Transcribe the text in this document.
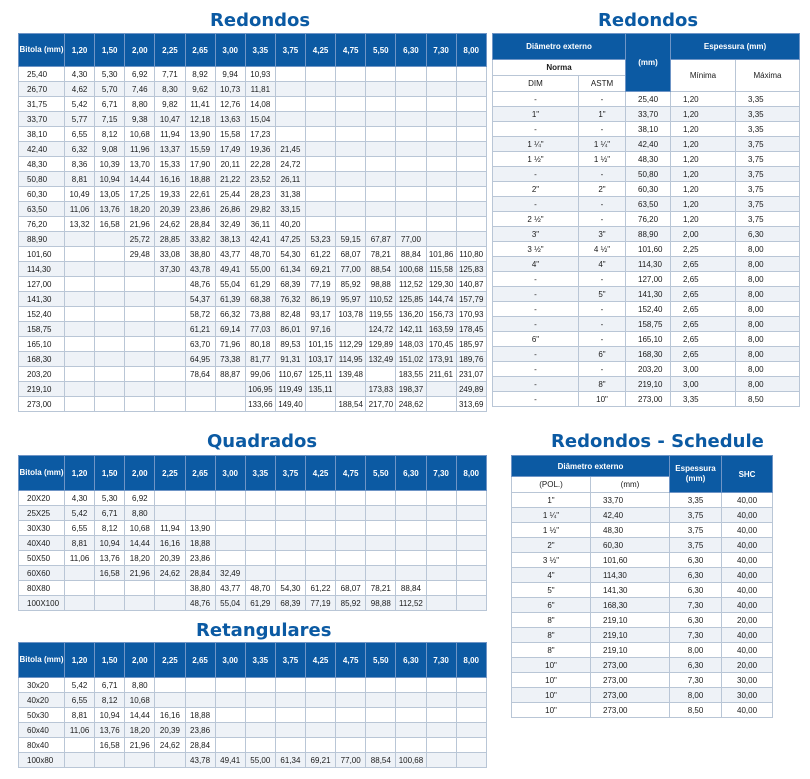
Redondos	Redondos
Quadrados
Retangulares
Redondos - Schedule
Bitola (mm)	1,20	1,50	2,00	2,25	2,65	3,00	3,35	3,75	4,25	4,75	5,50	6,30	7,30	8,00
25,40	4,30	5,30	6,92	7,71	8,92	9,94	10,93							
26,70	4,62	5,70	7,46	8,30	9,62	10,73	11,81							
31,75	5,42	6,71	8,80	9,82	11,41	12,76	14,08							
33,70	5,77	7,15	9,38	10,47	12,18	13,63	15,04							
38,10	6,55	8,12	10,68	11,94	13,90	15,58	17,23							
42,40	6,32	9,08	11,96	13,37	15,59	17,49	19,36	21,45						
48,30	8,36	10,39	13,70	15,33	17,90	20,11	22,28	24,72						
50,80	8,81	10,94	14,44	16,16	18,88	21,22	23,52	26,11						
60,30	10,49	13,05	17,25	19,33	22,61	25,44	28,23	31,38						
63,50	11,06	13,76	18,20	20,39	23,86	26,86	29,82	33,15						
76,20	13,32	16,58	21,96	24,62	28,84	32,49	36,11	40,20						
88,90			25,72	28,85	33,82	38,13	42,41	47,25	53,23	59,15	67,87	77,00		
101,60			29,48	33,08	38,80	43,77	48,70	54,30	61,22	68,07	78,21	88,84	101,86	110,80
114,30				37,30	43,78	49,41	55,00	61,34	69,21	77,00	88,54	100,68	115,58	125,83
127,00					48,76	55,04	61,29	68,39	77,19	85,92	98,88	112,52	129,30	140,87
141,30					54,37	61,39	68,38	76,32	86,19	95,97	110,52	125,85	144,74	157,79
152,40					58,72	66,32	73,88	82,48	93,17	103,78	119,55	136,20	156,73	170,93
158,75					61,21	69,14	77,03	86,01	97,16		124,72	142,11	163,59	178,45
165,10					63,70	71,96	80,18	89,53	101,15	112,29	129,89	148,03	170,45	185,97
168,30					64,95	73,38	81,77	91,31	103,17	114,95	132,49	151,02	173,91	189,76
203,20					78,64	88,87	99,06	110,67	125,11	139,48		183,55	211,61	231,07
219,10							106,95	119,49	135,11		173,83	198,37		249,89
273,00							133,66	149,40		188,54	217,70	248,62		313,69
Diâmetro externo		(mm)	Espessura (mm)	
Norma			Mínima	Máxima
DIM	ASTM			
-	-	25,40	1,20	3,35
1"	1"	33,70	1,20	3,35
-	-	38,10	1,20	3,35
1 ¼"	1 ¼"	42,40	1,20	3,75
1 ½"	1 ½"	48,30	1,20	3,75
-	-	50,80	1,20	3,75
2"	2"	60,30	1,20	3,75
-	-	63,50	1,20	3,75
2 ½"	-	76,20	1,20	3,75
3"	3"	88,90	2,00	6,30
3 ½"	4 ½"	101,60	2,25	8,00
4"	4"	114,30	2,65	8,00
-	-	127,00	2,65	8,00
-	5"	141,30	2,65	8,00
-	-	152,40	2,65	8,00
-	-	158,75	2,65	8,00
6"	-	165,10	2,65	8,00
-	6"	168,30	2,65	8,00
-	-	203,20	3,00	8,00
-	8"	219,10	3,00	8,00
-	10"	273,00	3,35	8,50
Bitola (mm)	1,20	1,50	2,00	2,25	2,65	3,00	3,35	3,75	4,25	4,75	5,50	6,30	7,30	8,00
20X20	4,30	5,30	6,92											
25X25	5,42	6,71	8,80											
30X30	6,55	8,12	10,68	11,94	13,90									
40X40	8,81	10,94	14,44	16,16	18,88									
50X50	11,06	13,76	18,20	20,39	23,86									
60X60		16,58	21,96	24,62	28,84	32,49								
80X80					38,80	43,77	48,70	54,30	61,22	68,07	78,21	88,84		
100X100					48,76	55,04	61,29	68,39	77,19	85,92	98,88	112,52		
Bitola (mm)	1,20	1,50	2,00	2,25	2,65	3,00	3,35	3,75	4,25	4,75	5,50	6,30	7,30	8,00
30x20	5,42	6,71	8,80											
40x20	6,55	8,12	10,68											
50x30	8,81	10,94	14,44	16,16	18,88									
60x40	11,06	13,76	18,20	20,39	23,86									
80x40		16,58	21,96	24,62	28,84									
100x80					43,78	49,41	55,00	61,34	69,21	77,00	88,54	100,68		
Diâmetro externo		Espessura (mm)	SHC
(POL.)	(mm)		
1"	33,70	3,35	40,00
1 ¼"	42,40	3,75	40,00
1 ½"	48,30	3,75	40,00
2"	60,30	3,75	40,00
3 ½"	101,60	6,30	40,00
4"	114,30	6,30	40,00
5"	141,30	6,30	40,00
6"	168,30	7,30	40,00
8"	219,10	6,30	20,00
8"	219,10	7,30	40,00
8"	219,10	8,00	40,00
10"	273,00	6,30	20,00
10"	273,00	7,30	30,00
10"	273,00	8,00	30,00
10"	273,00	8,50	40,00
